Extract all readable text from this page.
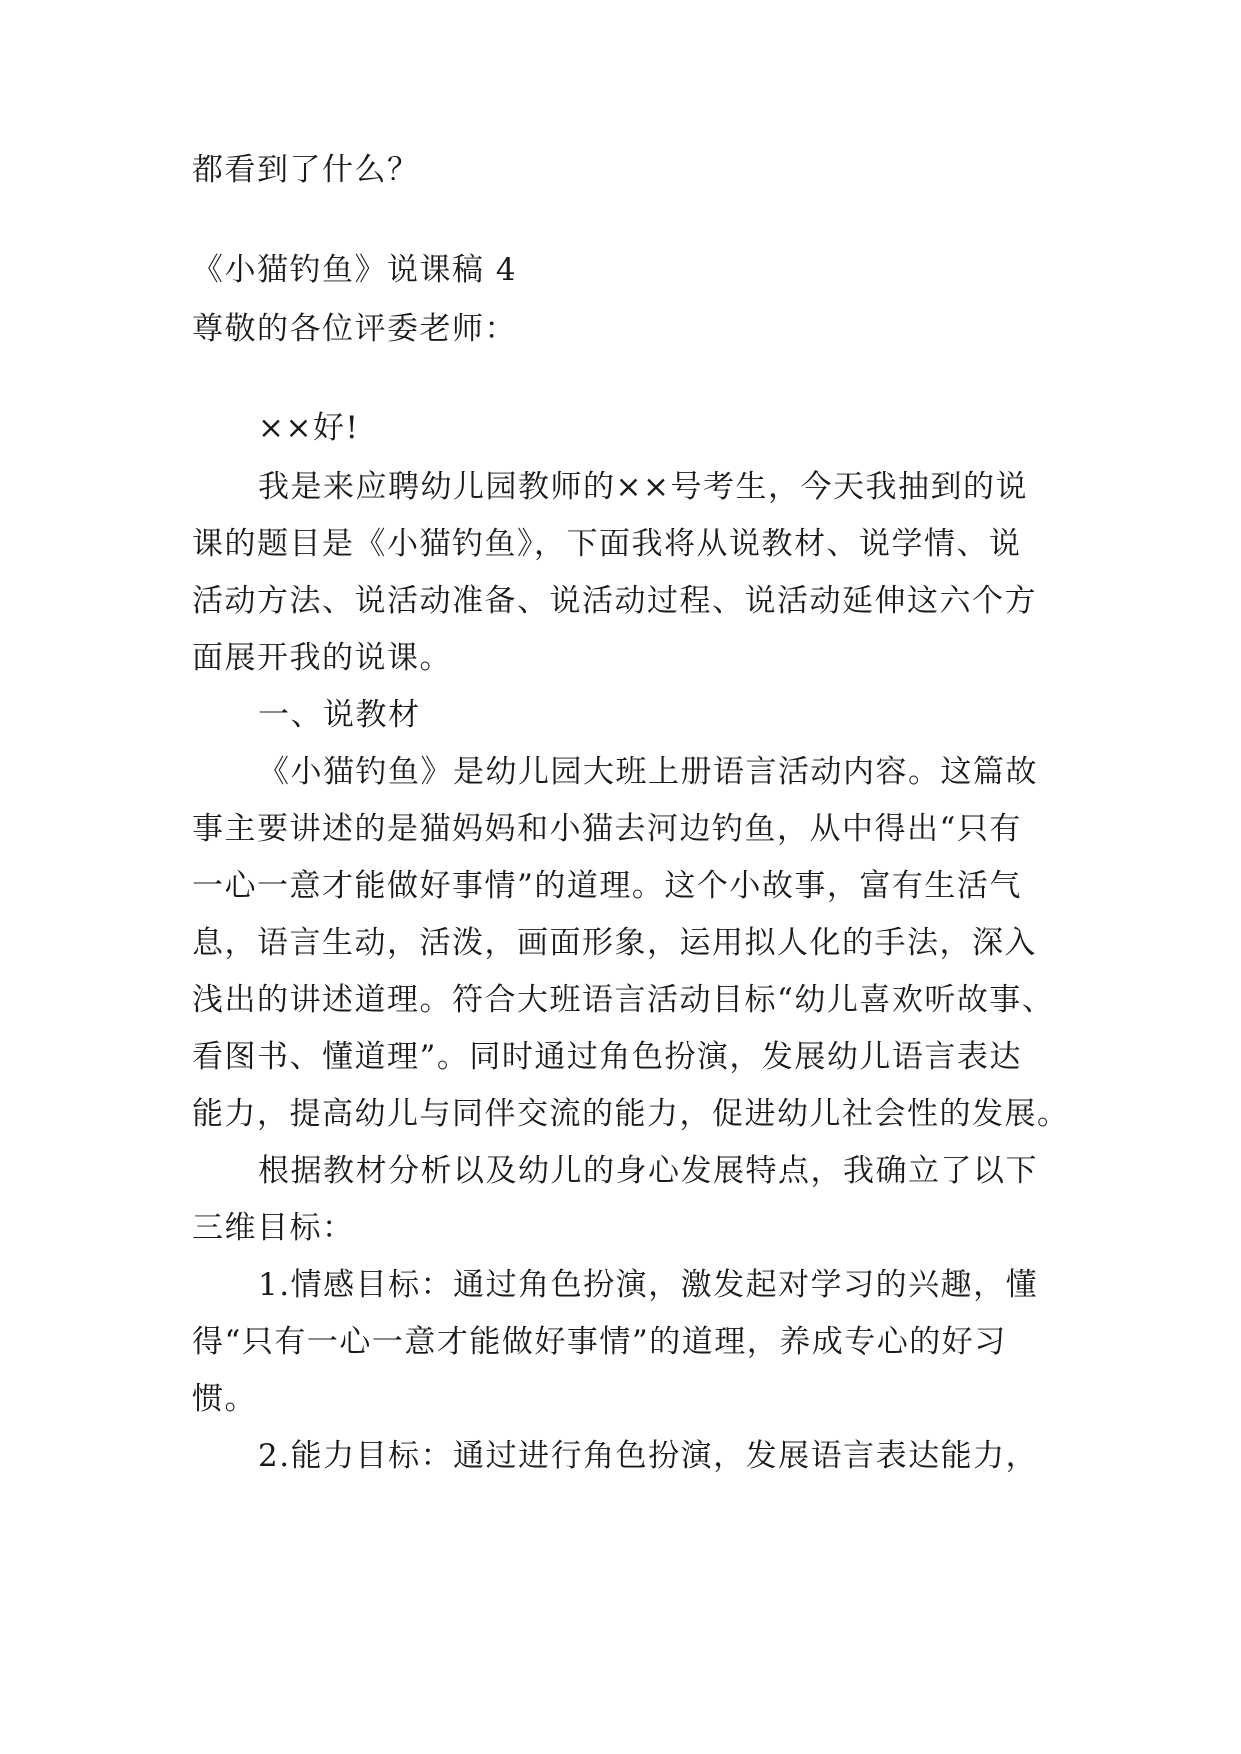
都看到了什么？
《小猫钓鱼》说课稿 4
尊敬的各位评委老师：
××好!
我是来应聘幼儿园教师的××号考生，今天我抽到的说
课的题目是《小猫钓鱼》，下面我将从说教材、说学情、说
活动方法、说活动准备、说活动过程、说活动延伸这六个方
面展开我的说课。
一、说教材
《小猫钓鱼》是幼儿园大班上册语言活动内容。这篇故
事主要讲述的是猫妈妈和小猫去河边钓鱼，从中得出“只有
一心一意才能做好事情”的道理。这个小故事，富有生活气
息，语言生动，活泼，画面形象，运用拟人化的手法，深入
浅出的讲述道理。符合大班语言活动目标“幼儿喜欢听故事、
看图书、懂道理”。同时通过角色扮演，发展幼儿语言表达
能力，提高幼儿与同伴交流的能力，促进幼儿社会性的发展。
根据教材分析以及幼儿的身心发展特点，我确立了以下
三维目标：
1.情感目标：通过角色扮演，激发起对学习的兴趣，懂
得“只有一心一意才能做好事情”的道理，养成专心的好习
惯。
2.能力目标：通过进行角色扮演，发展语言表达能力，
